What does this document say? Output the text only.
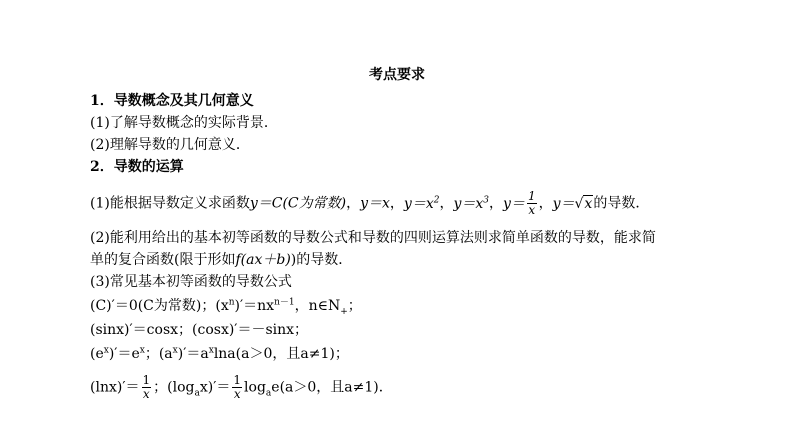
考点要求
1．导数概念及其几何意义
(1)了解导数概念的实际背景．
(2)理解导数的几何意义．
2．导数的运算
(1)能根据导数定义求函数y＝C(C为常数)，y＝x，$y=x^2$，$y=x^3$，$y= \frac{1}{x}$ ，y＝√x的导数．
(2)能利用给出的基本初等函数的导数公式和导数的四则运算法则求简单函数的导数，能求简
单的复合函数(限于形如f(ax＋b))的导数．
(3)常见基本初等函数的导数公式
(C)′＝0(C为常数)；$(x^n)'=nx^{n-1}$，$n\in N_+$；
(sinx)′＝cosx；(cosx)′＝－sinx；
$(e^x)'=e^x$；$(a^x)'=a^x\ln a(a>0$，且a≠1)；
$(\ln x)'= \frac{1}{x}$ ；$(\log_ax)'= \frac{1}{x} \log_ae(a>0$，且a≠1)．
